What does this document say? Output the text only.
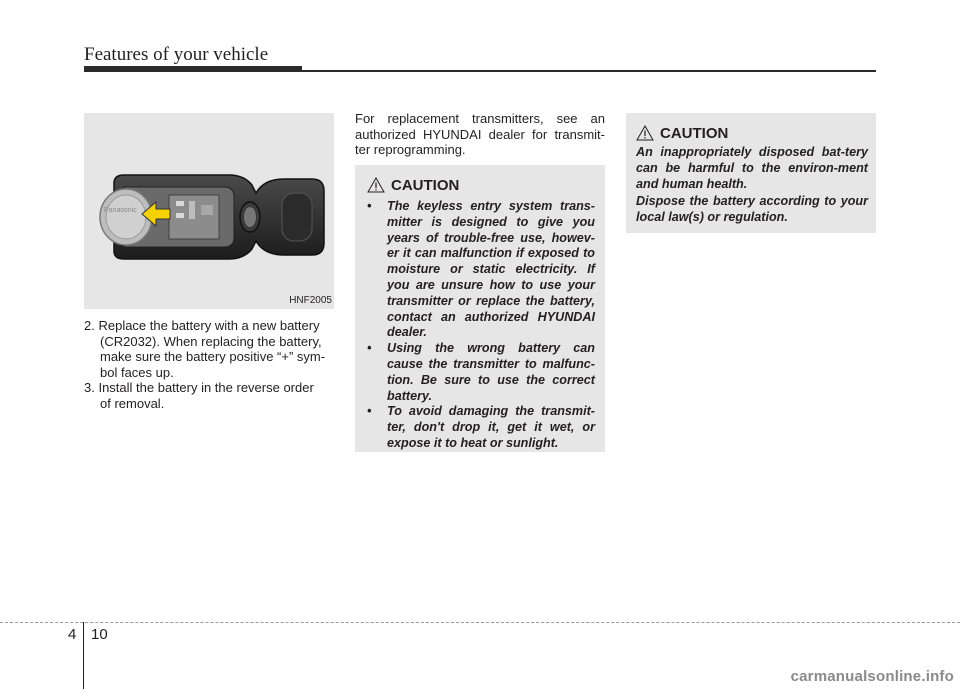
Features of your vehicle
Panasonic
HNF2005
2. Replace the battery with a new battery
(CR2032). When replacing the battery,
make sure the battery positive “+” sym-
bol faces up.
3. Install the battery in the reverse order
of removal.
For replacement transmitters, see an authorized HYUNDAI dealer for transmit-ter reprogramming.
CAUTION
• The keyless entry system trans-mitter is designed to give you years of trouble-free use, howev-er it can malfunction if exposed to moisture or static electricity. If you are unsure how to use your transmitter or replace the battery, contact an authorized HYUNDAI dealer.
• Using the wrong battery can cause the transmitter to malfunc-tion. Be sure to use the correct battery.
• To avoid damaging the transmit-ter, don't drop it, get it wet, or expose it to heat or sunlight.
CAUTION

An inappropriately disposed bat-tery can be harmful to the environ-ment and human health.

Dispose the battery according to your local law(s) or regulation.

4 10
carmanualsonline.info
